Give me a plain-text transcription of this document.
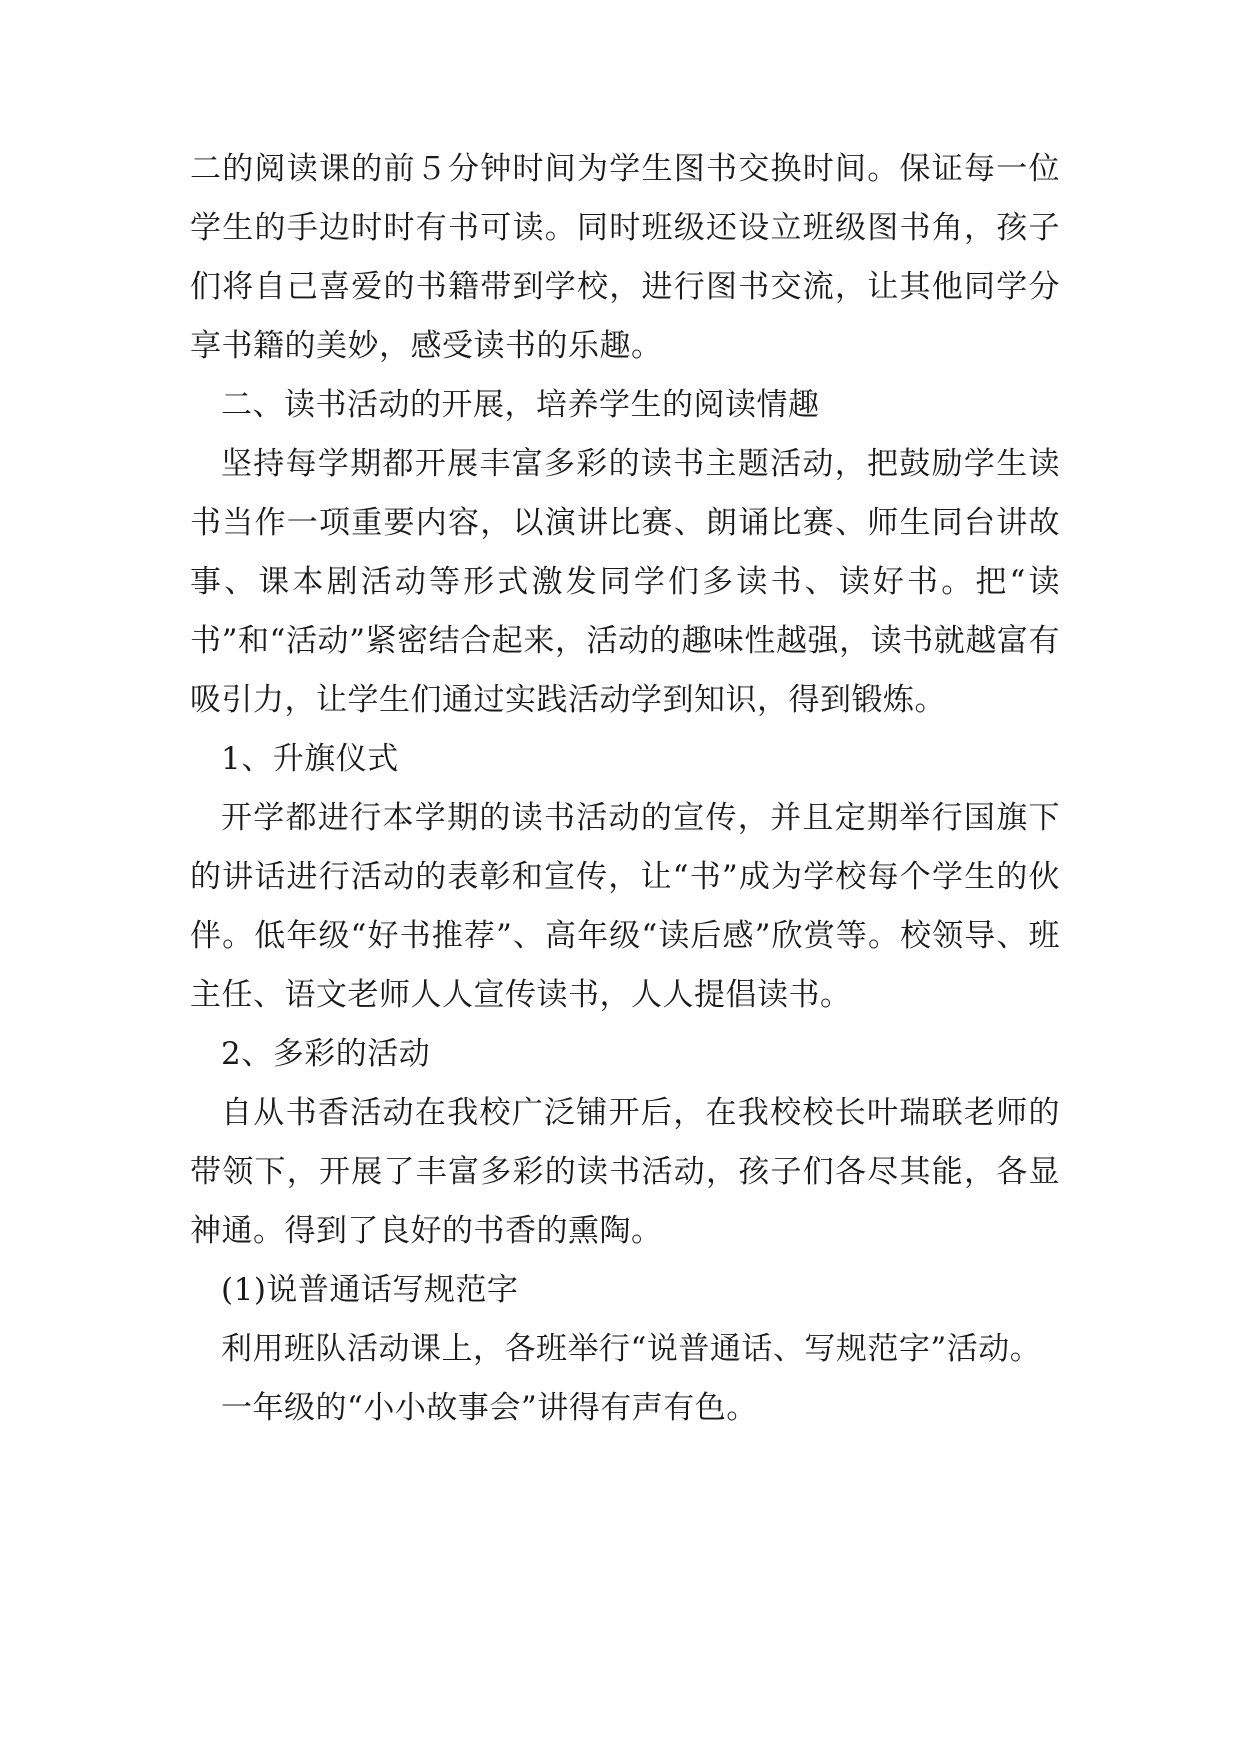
二的阅读课的前５分钟时间为学生图书交换时间。保证每一位学生的手边时时有书可读。同时班级还设立班级图书角，孩子们将自己喜爱的书籍带到学校，进行图书交流，让其他同学分享书籍的美妙，感受读书的乐趣。

二、读书活动的开展，培养学生的阅读情趣

坚持每学期都开展丰富多彩的读书主题活动，把鼓励学生读书当作一项重要内容，以演讲比赛、朗诵比赛、师生同台讲故事、课本剧活动等形式激发同学们多读书、读好书。把“读书”和“活动”紧密结合起来，活动的趣味性越强，读书就越富有吸引力，让学生们通过实践活动学到知识，得到锻炼。

1、升旗仪式

开学都进行本学期的读书活动的宣传，并且定期举行国旗下的讲话进行活动的表彰和宣传，让“书”成为学校每个学生的伙伴。低年级“好书推荐”、高年级“读后感”欣赏等。校领导、班主任、语文老师人人宣传读书，人人提倡读书。

2、多彩的活动

自从书香活动在我校广泛铺开后，在我校校长叶瑞联老师的带领下，开展了丰富多彩的读书活动，孩子们各尽其能，各显神通。得到了良好的书香的熏陶。

(1)说普通话写规范字

利用班队活动课上，各班举行“说普通话、写规范字”活动。

一年级的“小小故事会”讲得有声有色。
